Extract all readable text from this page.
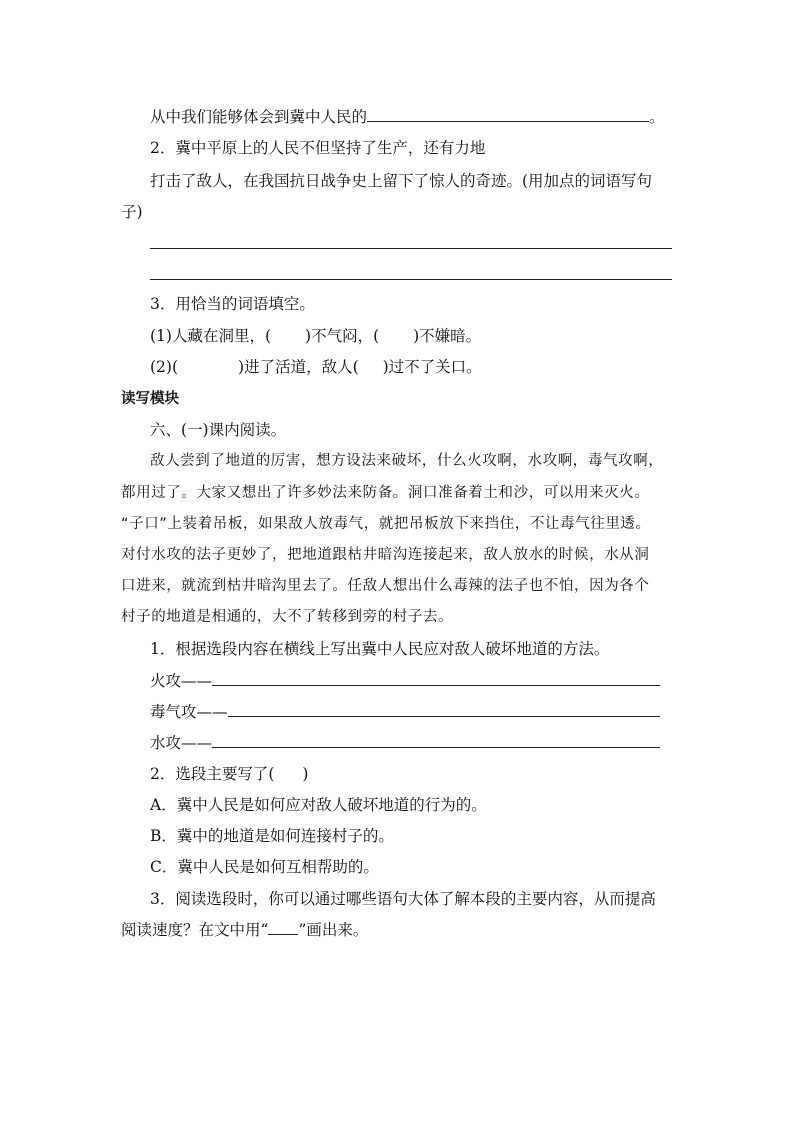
从中我们能够体会到冀中人民的	。
2．冀中平原上的人民不但坚持了生产，还有力地
打击了敌人，在我国抗日战争史上留下了惊人的奇迹。(用加点的词语写句
子)
3．用恰当的词语填空。
(1)人藏在洞里，( )不气闷，( )不嫌暗。
(2)(	)进了活道，敌人( )过不了关口。
读写模块
六、(一)课内阅读。
敌人尝到了地道的厉害，想方设法来破坏，什么火攻啊，水攻啊，毒气攻啊，
都用过了。大家又想出了许多妙法来防备。洞口准备着土和沙，可以用来灭火。
“子口”上装着吊板，如果敌人放毒气，就把吊板放下来挡住，不让毒气往里透。
对付水攻的法子更妙了，把地道跟枯井暗沟连接起来，敌人放水的时候，水从洞
口进来，就流到枯井暗沟里去了。任敌人想出什么毒辣的法子也不怕，因为各个
村子的地道是相通的，大不了转移到旁的村子去。
1．根据选段内容在横线上写出冀中人民应对敌人破坏地道的方法。
火攻——
毒气攻——
水攻——
2．选段主要写了( )
A．冀中人民是如何应对敌人破坏地道的行为的。
B．冀中的地道是如何连接村子的。
C．冀中人民是如何互相帮助的。
3．阅读选段时，你可以通过哪些语句大体了解本段的主要内容，从而提高
阅读速度？在文中用“ ”画出来。
